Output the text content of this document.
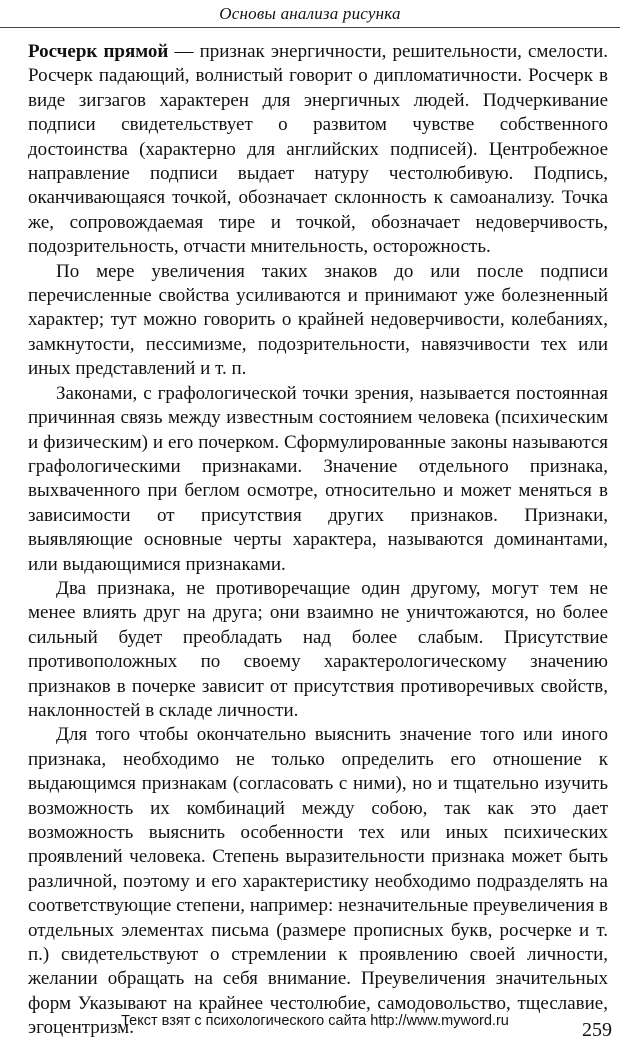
Основы анализа рисунка

Росчерк прямой — признак энергичности, решительности, смелости. Росчерк падающий, волнистый говорит о дипломатичности. Росчерк в виде зигзагов характерен для энергичных людей. Подчеркивание подписи свидетельствует о развитом чувстве собственного достоинства (характерно для английских подписей). Центробежное направление подписи выдает натуру честолюбивую. Подпись, оканчивающаяся точкой, обозначает склонность к самоанализу. Точка же, сопровождаемая тире и точкой, обозначает недоверчивость, подозрительность, отчасти мнительность, осторожность.

По мере увеличения таких знаков до или после подписи перечисленные свойства усиливаются и принимают уже болезненный характер; тут можно говорить о крайней недоверчивости, колебаниях, замкнутости, пессимизме, подозрительности, навязчивости тех или иных представлений и т. п.

Законами, с графологической точки зрения, называется постоянная причинная связь между известным состоянием человека (психическим и физическим) и его почерком. Сформулированные законы называются графологическими признаками. Значение отдельного признака, выхваченного при беглом осмотре, относительно и может меняться в зависимости от присутствия других признаков. Признаки, выявляющие основные черты характера, называются доминантами, или выдающимися признаками.

Два признака, не противоречащие один другому, могут тем не менее влиять друг на друга; они взаимно не уничтожаются, но более сильный будет преобладать над более слабым. Присутствие противоположных по своему характерологическому значению признаков в почерке зависит от присутствия противоречивых свойств, наклонностей в складе личности.

Для того чтобы окончательно выяснить значение того или иного признака, необходимо не только определить его отношение к выдающимся признакам (согласовать с ними), но и тщательно изучить возможность их комбинаций между собою, так как это дает возможность выяснить особенности тех или иных психических проявлений человека. Степень выразительности признака может быть различной, поэтому и его характеристику необходимо подразделять на соответствующие степени, например: незначительные преувеличения в отдельных элементах письма (размере прописных букв, росчерке и т. п.) свидетельствуют о стремлении к проявлению своей личности, желании обращать на себя внимание. Преувеличения значительных форм Указывают на крайнее честолюбие, самодовольство, тщеславие, эгоцентризм.

Текст взят с психологического сайта http://www.myword.ru	259
